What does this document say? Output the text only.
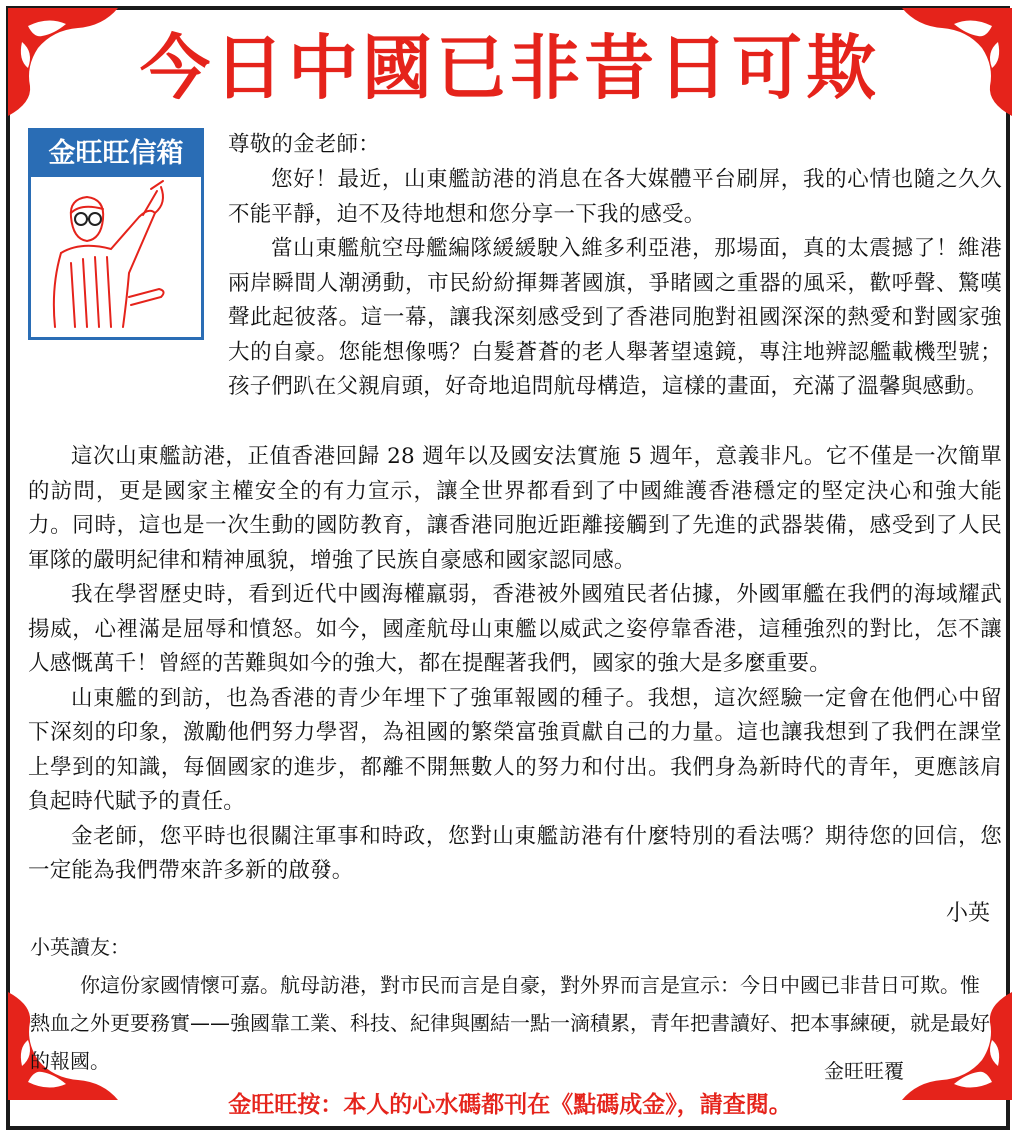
今日中國已非昔日可欺
金旺旺信箱	尊敬的金老師：

您好！最近，山東艦訪港的消息在各大媒體平台刷屏，我的心情也隨之久久不能平靜，迫不及待地想和您分享一下我的感受。

當山東艦航空母艦編隊緩緩駛入維多利亞港，那場面，真的太震撼了！維港兩岸瞬間人潮湧動，市民紛紛揮舞著國旗，爭睹國之重器的風采，歡呼聲、驚嘆聲此起彼落。這一幕，讓我深刻感受到了香港同胞對祖國深深的熱愛和對國家強大的自豪。您能想像嗎？白髮蒼蒼的老人舉著望遠鏡，專注地辨認艦載機型號；孩子們趴在父親肩頭，好奇地追問航母構造，這樣的畫面，充滿了溫馨與感動。

這次山東艦訪港，正值香港回歸 28 週年以及國安法實施 5 週年，意義非凡。它不僅是一次簡單的訪問，更是國家主權安全的有力宣示，讓全世界都看到了中國維護香港穩定的堅定決心和強大能力。同時，這也是一次生動的國防教育，讓香港同胞近距離接觸到了先進的武器裝備，感受到了人民軍隊的嚴明紀律和精神風貌，增強了民族自豪感和國家認同感。

我在學習歷史時，看到近代中國海權羸弱，香港被外國殖民者佔據，外國軍艦在我們的海域耀武揚威，心裡滿是屈辱和憤怒。如今，國產航母山東艦以威武之姿停靠香港，這種強烈的對比，怎不讓人感慨萬千！曾經的苦難與如今的強大，都在提醒著我們，國家的強大是多麼重要。

山東艦的到訪，也為香港的青少年埋下了強軍報國的種子。我想，這次經驗一定會在他們心中留下深刻的印象，激勵他們努力學習，為祖國的繁榮富強貢獻自己的力量。這也讓我想到了我們在課堂上學到的知識，每個國家的進步，都離不開無數人的努力和付出。我們身為新時代的青年，更應該肩負起時代賦予的責任。

金老師，您平時也很關注軍事和時政，您對山東艦訪港有什麼特別的看法嗎？期待您的回信，您一定能為我們帶來許多新的啟發。

小英
小英讀友：

你這份家國情懷可嘉。航母訪港，對市民而言是自豪，對外界而言是宣示：今日中國已非昔日可欺。惟熱血之外更要務實——強國靠工業、科技、紀律與團結一點一滴積累，青年把書讀好、把本事練硬，就是最好的報國。	金旺旺覆
金旺旺按：本人的心水碼都刊在《點碼成金》，請查閱。
